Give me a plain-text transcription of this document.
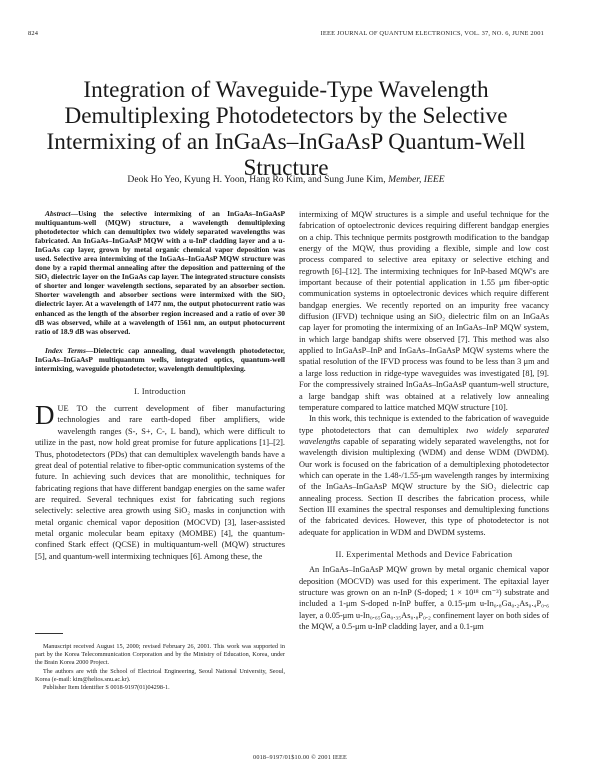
824	IEEE JOURNAL OF QUANTUM ELECTRONICS, VOL. 37, NO. 6, JUNE 2001
Integration of Waveguide-Type Wavelength Demultiplexing Photodetectors by the Selective Intermixing of an InGaAs–InGaAsP Quantum-Well Structure
Deok Ho Yeo, Kyung H. Yoon, Hang Ro Kim, and Sung June Kim, Member, IEEE

Abstract—Using the selective intermixing of an InGaAs–InGaAsP multiquantum-well (MQW) structure, a wavelength demultiplexing photodetector which can demultiplex two widely separated wavelengths was fabricated. An InGaAs–InGaAsP MQW with a u-InP cladding layer and a u-InGaAs cap layer, grown by metal organic chemical vapor deposition was used. Selective area intermixing of the InGaAs–InGaAsP MQW structure was done by a rapid thermal annealing after the deposition and patterning of the SiO₂ dielectric layer on the InGaAs cap layer. The integrated structure consists of shorter and longer wavelength sections, separated by an absorber section. Shorter wavelength and absorber sections were intermixed with the SiO₂ dielectric layer. At a wavelength of 1477 nm, the output photocurrent ratio was enhanced as the length of the absorber region increased and a ratio of over 30 dB was observed, while at a wavelength of 1561 nm, an output photocurrent ratio of 18.9 dB was observed.

Index Terms—Dielectric cap annealing, dual wavelength photodetector, InGaAs–InGaAsP multiquantum wells, integrated optics, quantum-well intermixing, waveguide photodetector, wavelength demultiplexing.

I. Introduction

DUE TO the current development of fiber manufacturing technologies and rare earth-doped fiber amplifiers, wide wavelength ranges (S-, S+, C-, L band), which were difficult to utilize in the past, now hold great promise for future applications [1]–[2]. Thus, photodetectors (PDs) that can demultiplex wavelength bands have a great deal of potential relative to fiber-optic communication systems of the future. In achieving such devices that are monolithic, techniques for fabricating regions that have different bandgap energies on the same wafer are required. Several techniques exist for fabricating such regions selectively: selective area growth using SiO₂ masks in conjunction with metal organic chemical vapor deposition (MOCVD) [3], laser-assisted metal organic molecular beam epitaxy (MOMBE) [4], the quantum-confined Stark effect (QCSE) in multiquantum-well (MQW) structures [5], and quantum-well intermixing techniques [6]. Among these, the

intermixing of MQW structures is a simple and useful technique for the fabrication of optoelectronic devices requiring different bandgap energies on a chip. This technique permits postgrowth modification to the bandgap energy of the MQW, thus providing a flexible, simple and low cost process compared to selective area epitaxy or selective etching and regrowth [6]–[12]. The intermixing techniques for InP-based MQW's are important because of their potential application in 1.55 μm fiber-optic communication systems in optoelectronic devices which require different bandgap energies. We recently reported on an impurity free vacancy diffusion (IFVD) technique using an SiO₂ dielectric film on an InGaAs cap layer for promoting the intermixing of an InGaAs–InP MQW system, in which large bandgap shifts were observed [7]. This method was also applied to InGaAsP–InP and InGaAs–InGaAsP MQW systems where the spatial resolution of the IFVD process was found to be less than 3 μm and a large loss reduction in ridge-type waveguides was investigated [8], [9]. For the compressively strained InGaAs–InGaAsP quantum-well structure, a large bandgap shift was obtained at a relatively low annealing temperature compared to lattice matched MQW structure [10].

In this work, this technique is extended to the fabrication of waveguide type photodetectors that can demultiplex two widely separated wavelengths capable of separating widely separated wavelengths, not for wavelength division multiplexing (WDM) and dense WDM (DWDM). Our work is focused on the fabrication of a demultiplexing photodetector which can operate in the 1.48-/1.55-μm wavelength ranges by intermixing of the InGaAs–InGaAsP MQW structure by the SiO₂ dielectric cap annealing process. Section II describes the fabrication process, while Section III examines the spectral responses and demultiplexing functions of the fabricated devices. However, this type of photodetector is not adequate for application in WDM and DWDM systems.

II. Experimental Methods and Device Fabrication

An InGaAs–InGaAsP MQW grown by metal organic chemical vapor deposition (MOCVD) was used for this experiment. The epitaxial layer structure was grown on an n-InP (S-doped; 1 × 10¹⁸ cm⁻³) substrate and included a 1-μm S-doped n-InP buffer, a 0.15-μm u-In₀.₈Ga₀.₂As₀.₄P₀.₆ layer, a 0.05-μm u-In₀.₆₅Ga₀.₃₅As₀.₈P₀.₂ confinement layer on both sides of the MQW, a 0.5-μm u-InP cladding layer, and a 0.1-μm

Manuscript received August 15, 2000; revised February 26, 2001. This work was supported in part by the Korea Telecommunication Corporation and by the Ministry of Education, Korea, under the Brain Korea 2000 Project.

The authors are with the School of Electrical Engineering, Seoul National University, Seoul, Korea (e-mail: kim@helios.snu.ac.kr).

Publisher Item Identifier S 0018-9197(01)04298-1.

0018–9197/01$10.00 © 2001 IEEE
